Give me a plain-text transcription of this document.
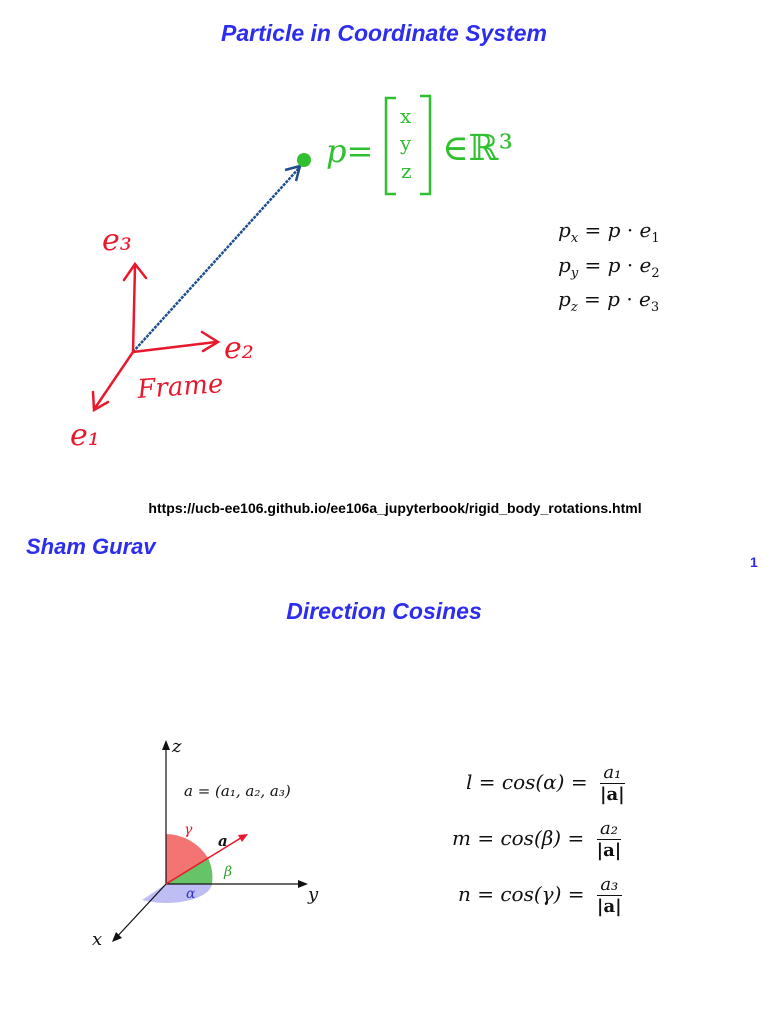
Particle in Coordinate System
e₃
e₂
e₁
Frame
p=
x
y
z
∈ℝ³
$p_x = p \cdot e_1$
$p_y = p \cdot e_2$
$p_z = p \cdot e_3$
https://ucb-ee106.github.io/ee106a_jupyterbook/rigid_body_rotations.html
Sham Gurav
1
Direction Cosines
z
y
x
a = (a₁, a₂, a₃)
a
γ
β
α
$l = \cos(\alpha) = \frac{\text{a₁}}{|a|}$
$m = \cos(\beta) = \frac{\text{a₂}}{|a|}$
$n = \cos(\gamma) = \frac{\text{a₃}}{|a|}$
